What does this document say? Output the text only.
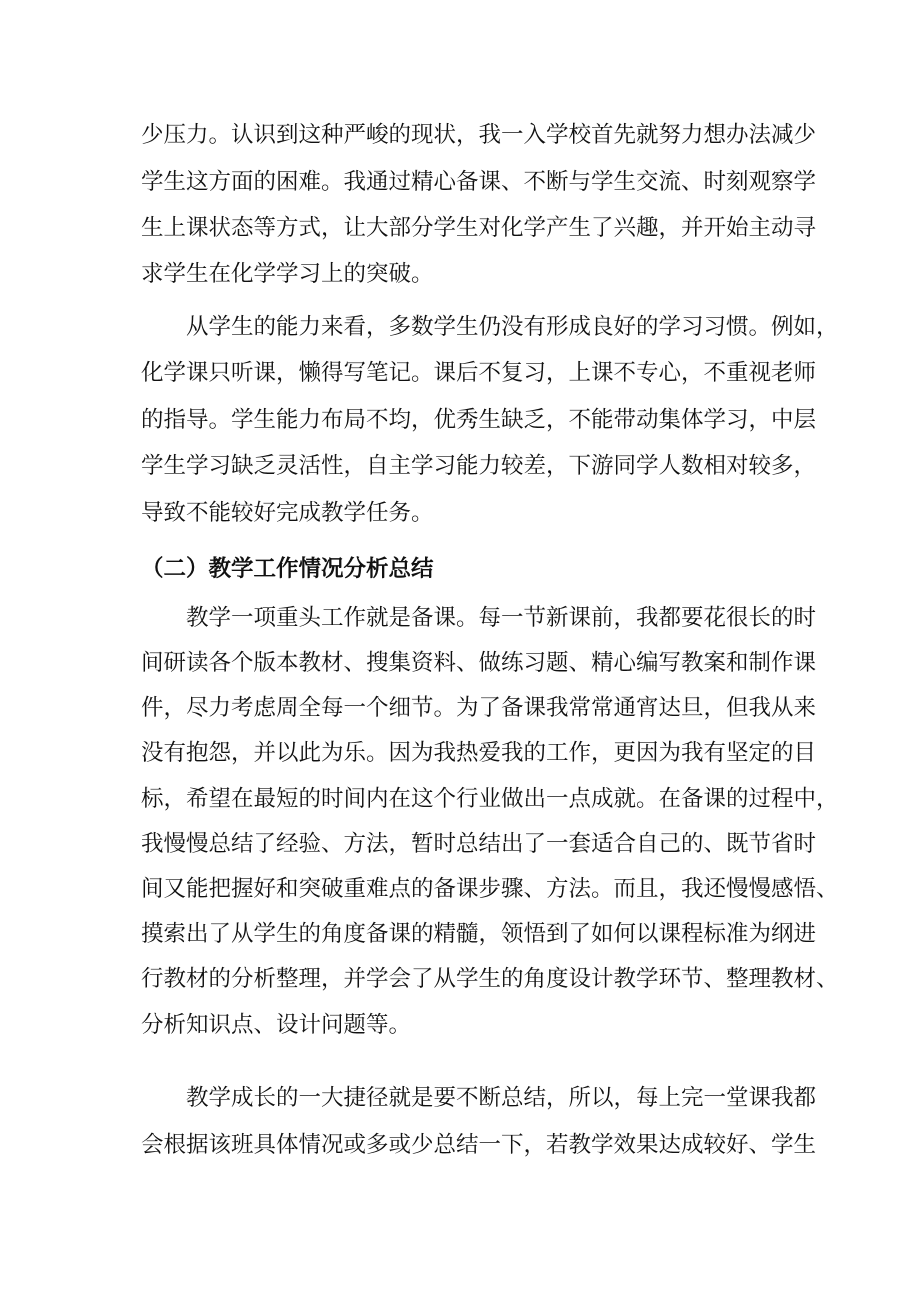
少压力。认识到这种严峻的现状，我一入学校首先就努力想办法减少
学生这方面的困难。我通过精心备课、不断与学生交流、时刻观察学
生上课状态等方式，让大部分学生对化学产生了兴趣，并开始主动寻
求学生在化学学习上的突破。
从学生的能力来看，多数学生仍没有形成良好的学习习惯。例如，
化学课只听课，懒得写笔记。课后不复习，上课不专心，不重视老师
的指导。学生能力布局不均，优秀生缺乏，不能带动集体学习，中层
学生学习缺乏灵活性，自主学习能力较差，下游同学人数相对较多，
导致不能较好完成教学任务。
（二）教学工作情况分析总结
教学一项重头工作就是备课。每一节新课前，我都要花很长的时
间研读各个版本教材、搜集资料、做练习题、精心编写教案和制作课
件，尽力考虑周全每一个细节。为了备课我常常通宵达旦，但我从来
没有抱怨，并以此为乐。因为我热爱我的工作，更因为我有坚定的目
标，希望在最短的时间内在这个行业做出一点成就。在备课的过程中，
我慢慢总结了经验、方法，暂时总结出了一套适合自己的、既节省时
间又能把握好和突破重难点的备课步骤、方法。而且，我还慢慢感悟、
摸索出了从学生的角度备课的精髓，领悟到了如何以课程标准为纲进
行教材的分析整理，并学会了从学生的角度设计教学环节、整理教材、
分析知识点、设计问题等。
教学成长的一大捷径就是要不断总结，所以，每上完一堂课我都
会根据该班具体情况或多或少总结一下，若教学效果达成较好、学生
